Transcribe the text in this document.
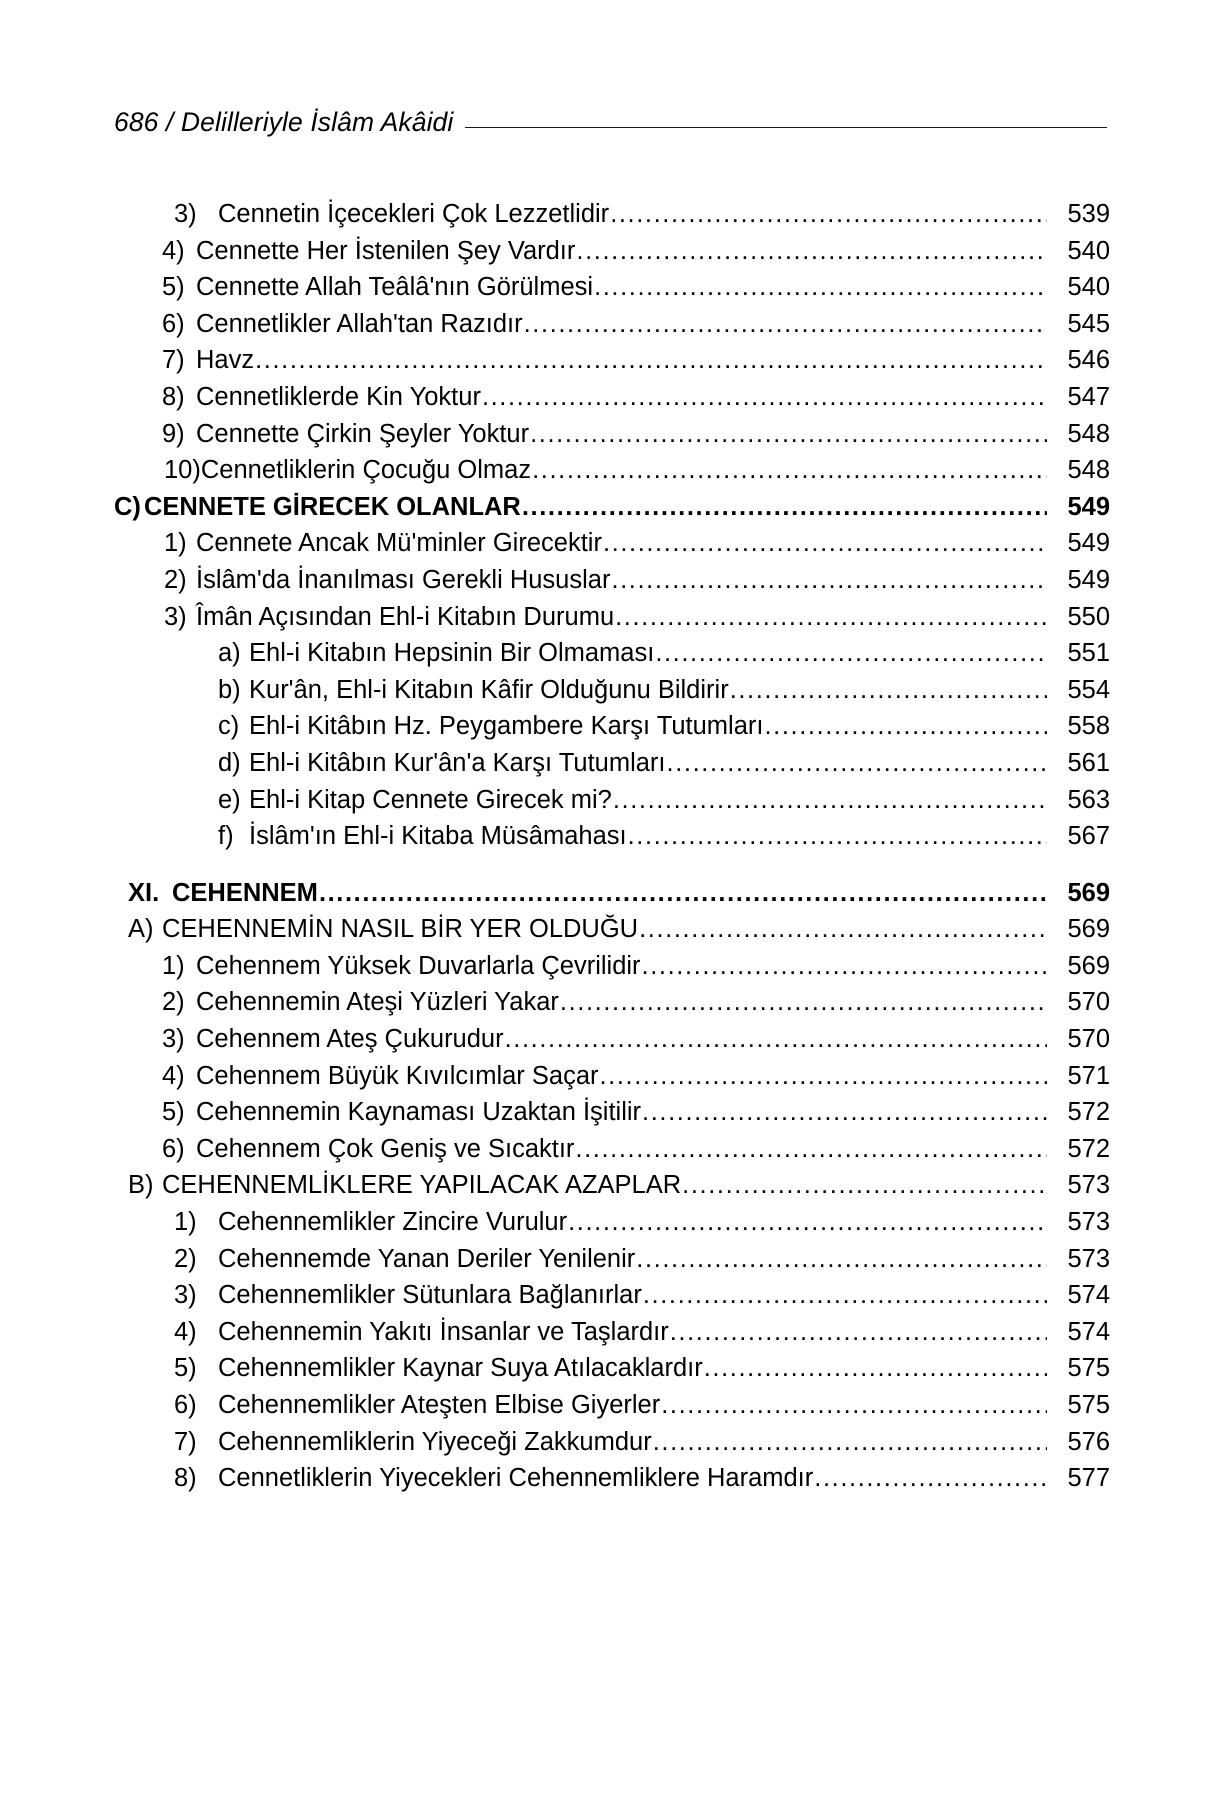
686 / Delilleriyle İslâm Akâidi
3) Cennetin İçecekleri Çok Lezzetlidir .....	539
4) Cennette Her İstenilen Şey Vardır .....	540
5) Cennette Allah Teâlâ'nın Görülmesi .....	540
6) Cennetlikler Allah'tan Razıdır .....	545
7) Havz .....	546
8) Cennetliklerde Kin Yoktur .....	547
9) Cennette Çirkin Şeyler Yoktur .....	548
10) Cennetliklerin Çocuğu Olmaz .....	548
C) CENNETE GİRECEK OLANLAR .....	549
1) Cennete Ancak Mü'minler Girecektir .....	549
2) İslâm'da İnanılması Gerekli Hususlar .....	549
3) Îmân Açısından Ehl-i Kitabın Durumu .....	550
a) Ehl-i Kitabın Hepsinin Bir Olmaması .....	551
b) Kur'ân, Ehl-i Kitabın Kâfir Olduğunu Bildirir .....	554
c) Ehl-i Kitâbın Hz. Peygambere Karşı Tutumları .....	558
d) Ehl-i Kitâbın Kur'ân'a Karşı Tutumları .....	561
e) Ehl-i Kitap Cennete Girecek mi? .....	563
f) İslâm'ın Ehl-i Kitaba Müsâmahası .....	567
XI. CEHENNEM .....	569
A) CEHENNEMİN NASIL BİR YER OLDUĞU .....	569
1) Cehennem Yüksek Duvarlarla Çevrilidir .....	569
2) Cehennemin Ateşi Yüzleri Yakar .....	570
3) Cehennem Ateş Çukurudur .....	570
4) Cehennem Büyük Kıvılcımlar Saçar .....	571
5) Cehennemin Kaynaması Uzaktan İşitilir .....	572
6) Cehennem Çok Geniş ve Sıcaktır .....	572
B) CEHENNEMLİKLERE YAPILACAK AZAPLAR .....	573
1) Cehennemlikler Zincire Vurulur .....	573
2) Cehennemde Yanan Deriler Yenilenir .....	573
3) Cehennemlikler Sütunlara Bağlanırlar .....	574
4) Cehennemin Yakıtı İnsanlar ve Taşlardır .....	574
5) Cehennemlikler Kaynar Suya Atılacaklardır .....	575
6) Cehennemlikler Ateşten Elbise Giyerler .....	575
7) Cehennemliklerin Yiyeceği Zakkumdur .....	576
8) Cennetliklerin Yiyecekleri Cehennemliklere Haramdır .....	577
